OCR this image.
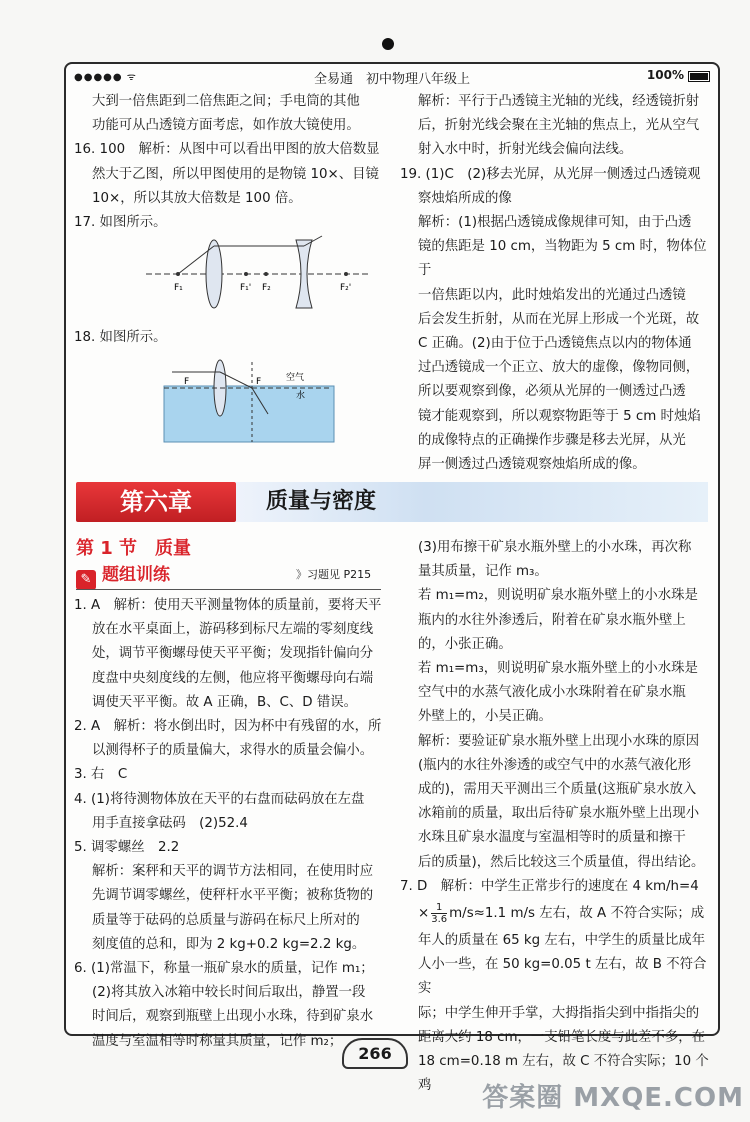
●●●●● ᯤ	全易通　初中物理八年级上	100%

大到一倍焦距到二倍焦距之间；手电筒的其他

功能可从凸透镜方面考虑，如作放大镜使用。

16. 100　解析：从图中可以看出甲图的放大倍数显

然大于乙图，所以甲图使用的是物镜 10×、目镜

10×，所以其放大倍数是 100 倍。

17. 如图所示。

F₁	F₁' F₂	F₂'

18. 如图所示。

F	F	空气
水

解析：平行于凸透镜主光轴的光线，经透镜折射

后，折射光线会聚在主光轴的焦点上，光从空气

射入水中时，折射光线会偏向法线。

19. (1)C　(2)移去光屏，从光屏一侧透过凸透镜观

察烛焰所成的像

解析：(1)根据凸透镜成像规律可知，由于凸透

镜的焦距是 10 cm，当物距为 5 cm 时，物体位于

一倍焦距以内，此时烛焰发出的光通过凸透镜

后会发生折射，从而在光屏上形成一个光斑，故

C 正确。(2)由于位于凸透镜焦点以内的物体通

过凸透镜成一个正立、放大的虚像，像物同侧，

所以要观察到像，必须从光屏的一侧透过凸透

镜才能观察到，所以观察物距等于 5 cm 时烛焰

的成像特点的正确操作步骤是移去光屏，从光

屏一侧透过凸透镜观察烛焰所成的像。

第六章	质量与密度
第 1 节　质量
✎ 题组训练	》习题见 P215

1. A　解析：使用天平测量物体的质量前，要将天平

放在水平桌面上，游码移到标尺左端的零刻度线

处，调节平衡螺母使天平平衡；发现指针偏向分

度盘中央刻度线的左侧，他应将平衡螺母向右端

调使天平平衡。故 A 正确，B、C、D 错误。

2. A　解析：将水倒出时，因为杯中有残留的水，所

以测得杯子的质量偏大，求得水的质量会偏小。

3. 右　C

4. (1)将待测物体放在天平的右盘而砝码放在左盘

用手直接拿砝码　(2)52.4

5. 调零螺丝　2.2

解析：案秤和天平的调节方法相同，在使用时应

先调节调零螺丝，使秤杆水平平衡；被称货物的

质量等于砝码的总质量与游码在标尺上所对的

刻度值的总和，即为 2 kg+0.2 kg=2.2 kg。

6. (1)常温下，称量一瓶矿泉水的质量，记作 m₁；

(2)将其放入冰箱中较长时间后取出，静置一段

时间后，观察到瓶壁上出现小水珠，待到矿泉水

温度与室温相等时称量其质量，记作 m₂；

(3)用布擦干矿泉水瓶外壁上的小水珠，再次称

量其质量，记作 m₃。

若 m₁=m₂，则说明矿泉水瓶外壁上的小水珠是

瓶内的水往外渗透后，附着在矿泉水瓶外壁上

的，小张正确。

若 m₁=m₃，则说明矿泉水瓶外壁上的小水珠是

空气中的水蒸气液化成小水珠附着在矿泉水瓶

外壁上的，小吴正确。

解析：要验证矿泉水瓶外壁上出现小水珠的原因

(瓶内的水往外渗透的或空气中的水蒸气液化形

成的)，需用天平测出三个质量(这瓶矿泉水放入

冰箱前的质量，取出后待矿泉水瓶外壁上出现小

水珠且矿泉水温度与室温相等时的质量和擦干

后的质量)，然后比较这三个质量值，得出结论。

7. D　解析：中学生正常步行的速度在 4 km/h=4

× $\frac{1}{3.6} m/s\approx 1.1$ m/s 左右，故 A 不符合实际；成

年人的质量在 65 kg 左右，中学生的质量比成年

人小一些，在 50 kg=0.05 t 左右，故 B 不符合实

际；中学生伸开手掌，大拇指指尖到中指指尖的

距离大约 18 cm，一支铅笔长度与此差不多，在

18 cm=0.18 m 左右，故 C 不符合实际；10 个鸡

266
答案圈 MXQE.COM
